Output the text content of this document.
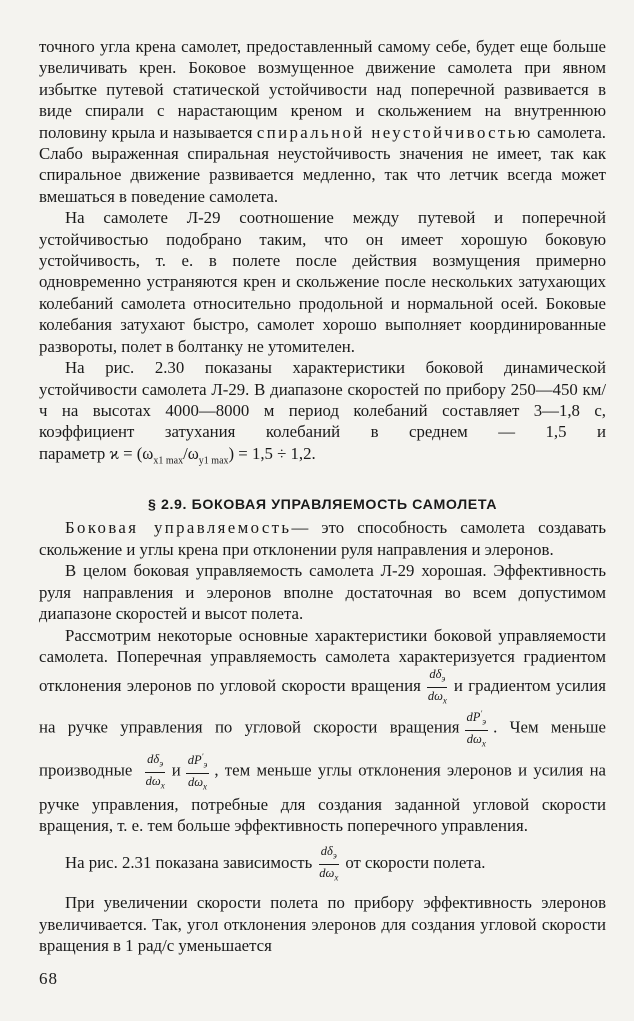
точного угла крена самолет, предоставленный самому себе, будет еще больше увеличивать крен. Боковое возмущенное движение самолета при явном избытке путевой статической устойчивости над поперечной развивается в виде спирали с нарастающим креном и скольжением на внутреннюю половину крыла и называется спиральной неустойчивостью самолета. Слабо выраженная спиральная неустойчивость значения не имеет, так как спиральное движение развивается медленно, так что летчик всегда может вмешаться в поведение самолета.

На самолете Л-29 соотношение между путевой и поперечной устойчивостью подобрано таким, что он имеет хорошую боковую устойчивость, т. е. в полете после действия возмущения примерно одновременно устраняются крен и скольжение после нескольких затухающих колебаний самолета относительно продольной и нормальной осей. Боковые колебания затухают быстро, самолет хорошо выполняет координированные развороты, полет в болтанку не утомителен.

На рис. 2.30 показаны характеристики боковой динамической устойчивости самолета Л-29. В диапазоне скоростей по прибору 250—450 км/ч на высотах 4000—8000 м период колебаний составляет 3—1,8 с, коэффициент затухания колебаний в среднем — 1,5 и параметр $ϰ = (\omega_{x1 max}/\omega_{y1 max}) = 1,5 \div 1,2$.

§ 2.9. БОКОВАЯ УПРАВЛЯЕМОСТЬ САМОЛЕТА

Боковая управляемость— это способность самолета создавать скольжение и углы крена при отклонении руля направления и элеронов.

В целом боковая управляемость самолета Л-29 хорошая. Эффективность руля направления и элеронов вполне достаточная во всем допустимом диапазоне скоростей и высот полета.

Рассмотрим некоторые основные характеристики боковой управляемости самолета. Поперечная управляемость самолета характеризуется градиентом отклонения элеронов по угловой скорости вращения $\frac{d\delta_э}{d\omega_x}$ и градиентом усилия на ручке управления по угловой скорости вращения $\frac{dP'_э}{d\omega_x}$ . Чем меньше производные $\frac{d\delta_э}{d\omega_x}$ и $\frac{dP'_э}{d\omega_x}$ , тем меньше углы отклонения элеронов и усилия на ручке управления, потребные для создания заданной угловой скорости вращения, т. е. тем больше эффективность поперечного управления.

На рис. 2.31 показана зависимость $\frac{d\delta_э}{d\omega_x}$ от скорости полета.

При увеличении скорости полета по прибору эффективность элеронов увеличивается. Так, угол отклонения элеронов для создания угловой скорости вращения в 1 рад/с уменьшается

68
